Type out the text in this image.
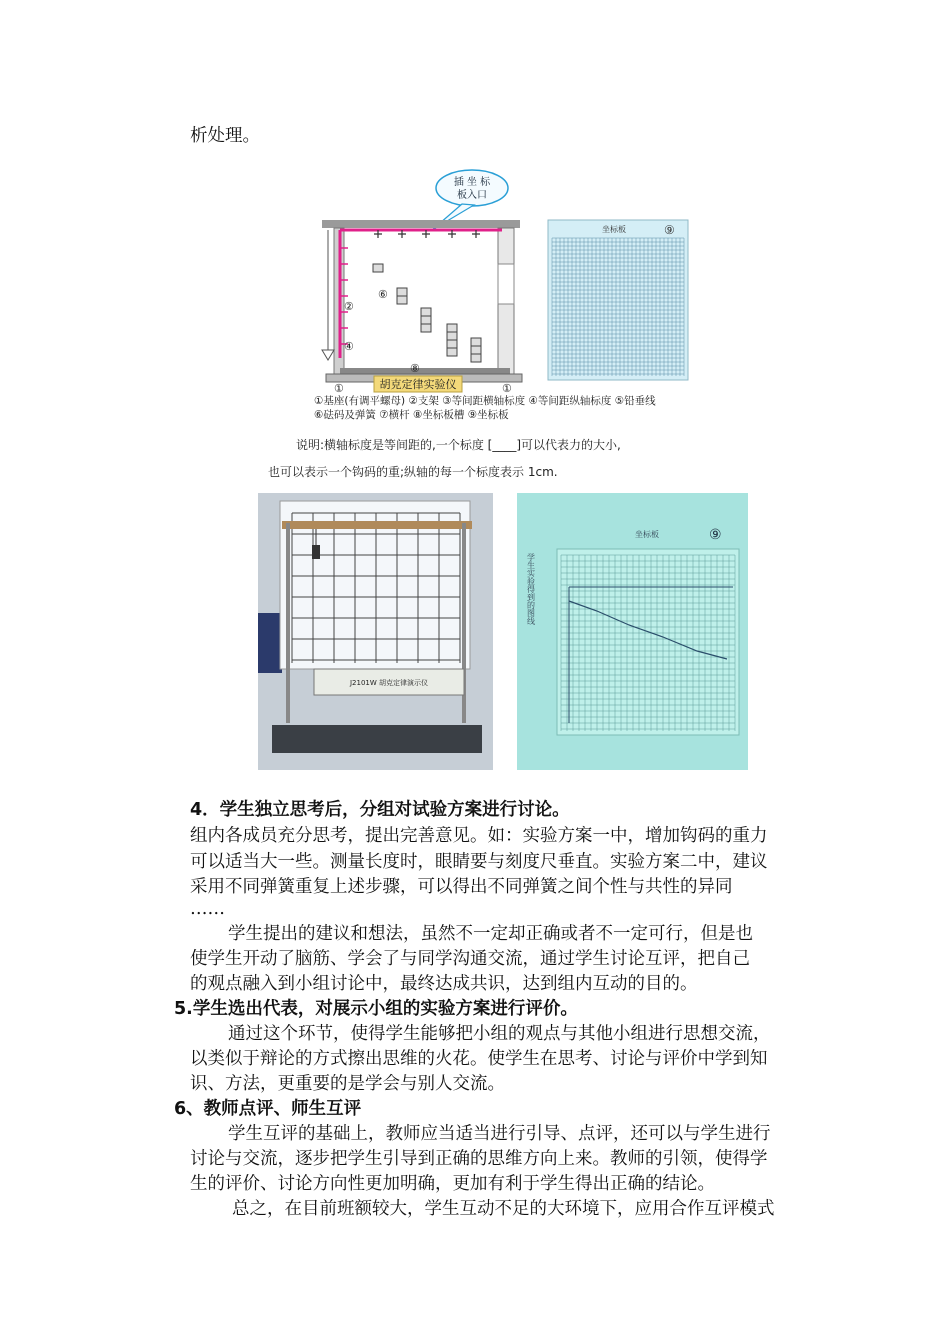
析处理。
插 坐 标
板入口
②
④
⑥
⑧
①	①
胡克定律实验仪
坐标板	⑨
①基座(有调平螺母) ②支架 ③等间距横轴标度 ④等间距纵轴标度 ⑤铅垂线
⑥砝码及弹簧 ⑦横杆 ⑧坐标板槽 ⑨坐标板
说明:横轴标度是等间距的,一个标度 [____]可以代表力的大小,
也可以表示一个钩码的重;纵轴的每一个标度表示 1cm.
J2101W 胡克定律演示仪
坐标板	⑨
学生实验得到的图线
4．学生独立思考后，分组对试验方案进行讨论。
组内各成员充分思考，提出完善意见。如：实验方案一中，增加钩码的重力
可以适当大一些。测量长度时，眼睛要与刻度尺垂直。实验方案二中，建议
采用不同弹簧重复上述步骤，可以得出不同弹簧之间个性与共性的异同
……
学生提出的建议和想法，虽然不一定却正确或者不一定可行，但是也
使学生开动了脑筋、学会了与同学沟通交流，通过学生讨论互评，把自己
的观点融入到小组讨论中，最终达成共识，达到组内互动的目的。
5.学生选出代表，对展示小组的实验方案进行评价。
通过这个环节，使得学生能够把小组的观点与其他小组进行思想交流，
以类似于辩论的方式擦出思维的火花。使学生在思考、讨论与评价中学到知
识、方法，更重要的是学会与别人交流。
6、教师点评、师生互评
学生互评的基础上，教师应当适当进行引导、点评，还可以与学生进行
讨论与交流，逐步把学生引导到正确的思维方向上来。教师的引领，使得学
生的评价、讨论方向性更加明确，更加有利于学生得出正确的结论。
总之，在目前班额较大，学生互动不足的大环境下，应用合作互评模式
